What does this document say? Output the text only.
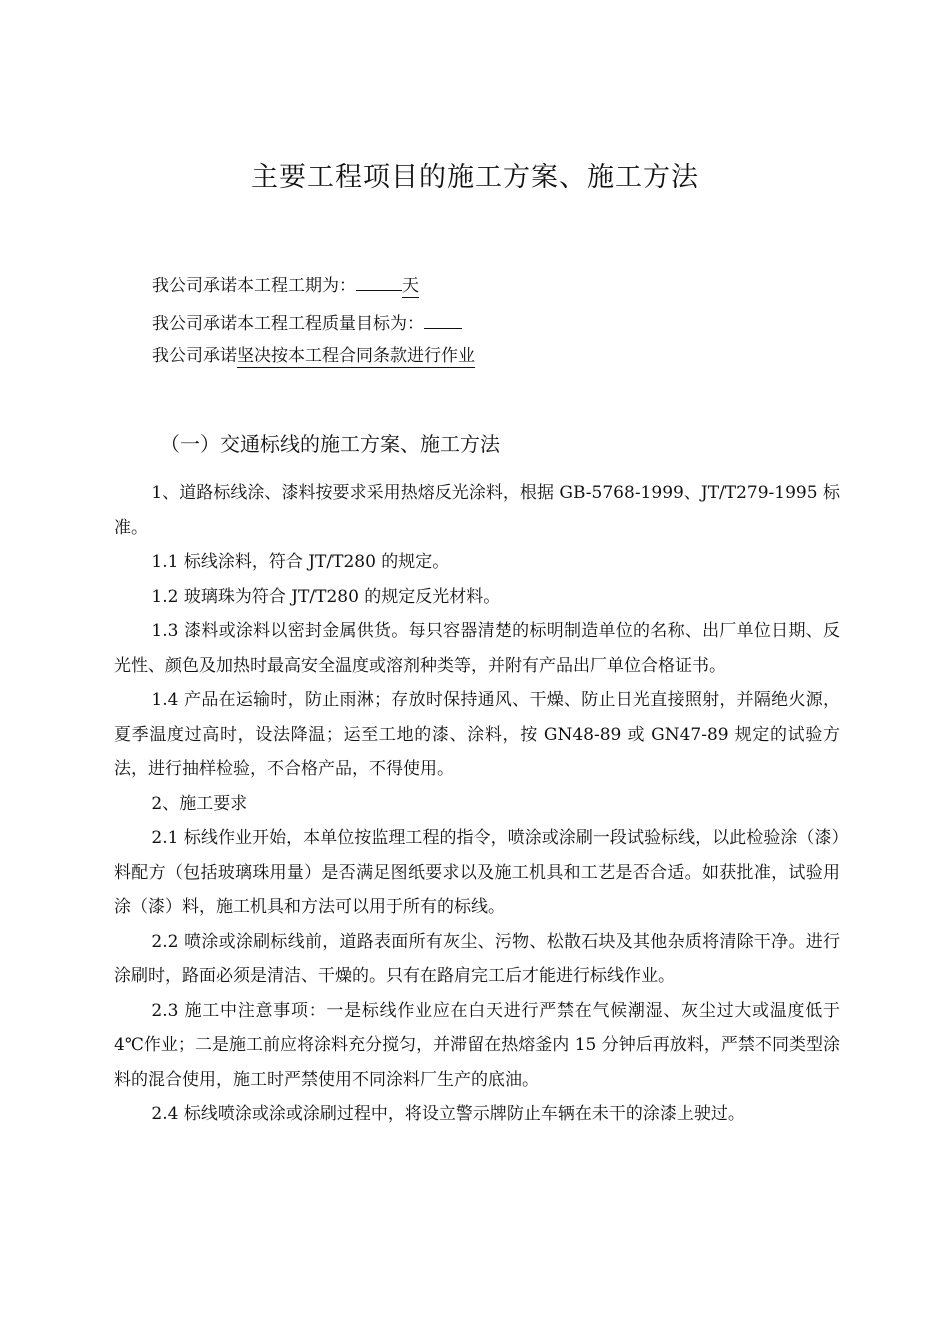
主要工程项目的施工方案、施工方法
我公司承诺本工程工期为：	天
我公司承诺本工程工程质量目标为：
我公司承诺坚决按本工程合同条款进行作业
（一）交通标线的施工方案、施工方法

1、道路标线涂、漆料按要求采用热熔反光涂料，根据 GB-5768-1999、JT/T279-1995 标准。

1.1 标线涂料，符合 JT/T280 的规定。

1.2 玻璃珠为符合 JT/T280 的规定反光材料。

1.3 漆料或涂料以密封金属供货。每只容器清楚的标明制造单位的名称、出厂单位日期、反光性、颜色及加热时最高安全温度或溶剂种类等，并附有产品出厂单位合格证书。

1.4 产品在运输时，防止雨淋；存放时保持通风、干燥、防止日光直接照射，并隔绝火源，夏季温度过高时，设法降温；运至工地的漆、涂料，按 GN48-89 或 GN47-89 规定的试验方法，进行抽样检验，不合格产品，不得使用。

2、施工要求

2.1 标线作业开始，本单位按监理工程的指令，喷涂或涂刷一段试验标线，以此检验涂（漆）料配方（包括玻璃珠用量）是否满足图纸要求以及施工机具和工艺是否合适。如获批准，试验用涂（漆）料，施工机具和方法可以用于所有的标线。

2.2 喷涂或涂刷标线前，道路表面所有灰尘、污物、松散石块及其他杂质将清除干净。进行涂刷时，路面必须是清洁、干燥的。只有在路肩完工后才能进行标线作业。

2.3 施工中注意事项：一是标线作业应在白天进行严禁在气候潮湿、灰尘过大或温度低于 4℃作业；二是施工前应将涂料充分搅匀，并滞留在热熔釜内 15 分钟后再放料，严禁不同类型涂料的混合使用，施工时严禁使用不同涂料厂生产的底油。

2.4 标线喷涂或涂或涂刷过程中，将设立警示牌防止车辆在未干的涂漆上驶过。
